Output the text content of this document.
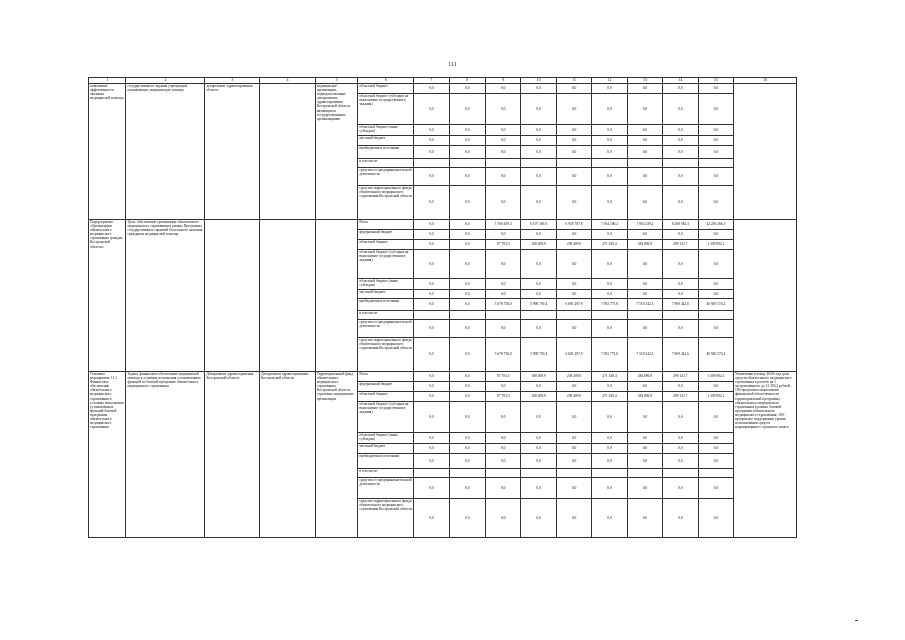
111
1	2	3	4	5	6	7	8	9	10	11	12	13	14	15	16
повышение эффективности оказания медицинской помощи	государственного задания учреждений, оказывающих медицинскую помощь	департамент здравоохранения области		медицинские организации, подведомственные департаменту здравоохранения Костромской области, являющиеся государственными организациями	областной бюджет	0,0	0,0	0,0	0,0	0,0	0,0	0,0	0,0	0,0	
					областной бюджет (субсидия на выполнение государственного задания)	0,0	0,0	0,0	0,0	0,0	0,0	0,0	0,0	0,0	
					областной бюджет (иные субсидии)	0,0	0,0	0,0	0,0	0,0	0,0	0,0	0,0	0,0	
					местный бюджет	0,0	0,0	0,0	0,0	0,0	0,0	0,0	0,0	0,0	
					внебюджетные источники	0,0	0,0	0,0	0,0	0,0	0,0	0,0	0,0	0,0	
					в том числе:										
					средства от предпринимательской деятельности	0,0	0,0	0,0	0,0	0,0	0,0	0,0	0,0	0,0	
					средства территориального фонда обязательного медицинского страхования Костромской области	0,0	0,0	0,0	0,0	0,0	0,0	0,0	0,0	0,0	
Подпрограмма «Организация обязательного медицинского страхования граждан Костромской области»	Цель: обеспечение организации обязательного медицинского страхования в рамках Программы государственных гарантий бесплатного оказания гражданам медицинской помощи				Всего	0,0	0,0	5 766 459,3	6 107 169,3	6 949 707,8	7 364 106,2	7 803 239,2	8 268 584,3	42 259 266,3	
					федеральный бюджет	0,0	0,0	0,0	0,0	0,0	0,0	0,0	0,0	0,0	
					областной бюджет	0,0	0,0	87 703,3	108 409,9	258 409,9	271 330,4	284 896,9	299 141,7	1 309 892,1	
					областной бюджет (субсидия на выполнение государственного задания)	0,0	0,0	0,0	0,0	0,0	0,0	0,0	0,0	0,0	
					областной бюджет (иные субсидии)	0,0	0,0	0,0	0,0	0,0	0,0	0,0	0,0	0,0	
					местный бюджет	0,0	0,0	0,0	0,0	0,0	0,0	0,0	0,0	0,0	
					внебюджетные источники	0,0	0,0	5 678 756,0	5 998 759,4	6 691 297,9	7 092 775,8	7 518 342,3	7 969 442,6	40 949 374,2	
					в том числе:										
					средства от предпринимательской деятельности	0,0	0,0	0,0	0,0	0,0	0,0	0,0	0,0	0,0	
					средства территориального фонда обязательного медицинского страхования Костромской области	0,0	0,0	5 678 756,0	5 998 759,4	6 691 297,9	7 092 775,8	7 518 342,3	7 969 442,6	40 949 374,2	
Основное мероприятие 11.1. Финансовое обеспечение обязательного медицинского страхования в условиях выполнения установленных функций базовой программы обязательного медицинского страхования	Задача: финансовое обеспечение медицинской помощи в условиях исполнения установленных функций по базовой программе обязательного медицинского страхования	Департамент здравоохранения Костромской области	Департамент здравоохранения Костромской области	Территориальный фонд обязательного медицинского страхования Костромской области, страховые медицинские организации	Всего	0,0	0,0	87 703,3	108 409,9	258 409,9	271 330,4	284 896,9	299 141,7	1 309 892,1	Увеличение к концу 2020 года доли средств обязательного медицинского страхования в расчете на 1 застрахованного до 12 393,2 рублей; 100-процентное выполнение финансовой обеспеченности территориальной программы обязательного медицинского страхования в рамках базовой программы обязательного медицинского страхования; 100-процентное поддержание уровня использования средств нормированного страхового запаса
					федеральный бюджет	0,0	0,0	0,0	0,0	0,0	0,0	0,0	0,0	0,0	
					областной бюджет	0,0	0,0	87 703,3	108 409,9	258 409,9	271 330,4	284 896,9	299 141,7	1 309 892,1	
					областной бюджет (субсидия на выполнение государственного задания)	0,0	0,0	0,0	0,0	0,0	0,0	0,0	0,0	0,0	
					областной бюджет (иные субсидии)	0,0	0,0	0,0	0,0	0,0	0,0	0,0	0,0	0,0	
					местный бюджет	0,0	0,0	0,0	0,0	0,0	0,0	0,0	0,0	0,0	
					внебюджетные источники	0,0	0,0	0,0	0,0	0,0	0,0	0,0	0,0	0,0	
					в том числе:										
					средства от предпринимательской деятельности	0,0	0,0	0,0	0,0	0,0	0,0	0,0	0,0	0,0	
					средства территориального фонда обязательного медицинского страхования Костромской области	0,0	0,0	0,0	0,0	0,0	0,0	0,0	0,0	0,0	
